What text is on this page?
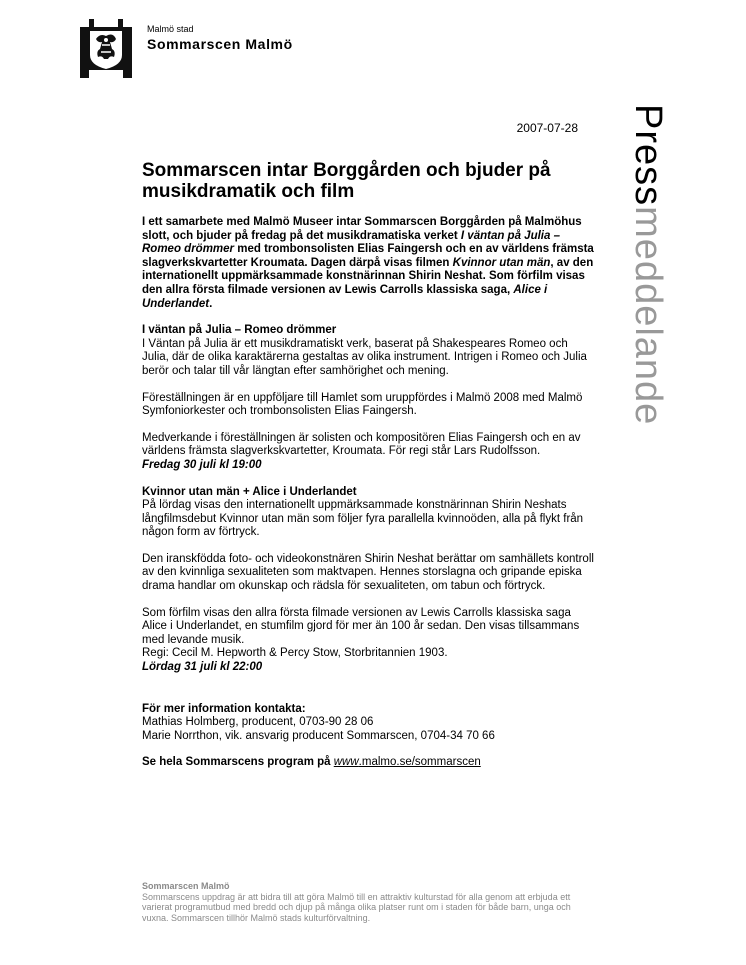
Malmö stad
Sommarscen Malmö
Pressmeddelande
2007-07-28
Sommarscen intar Borggården och bjuder på musikdramatik och film

I ett samarbete med Malmö Museer intar Sommarscen Borggården på Malmöhus slott, och bjuder på fredag på det musikdramatiska verket I väntan på Julia – Romeo drömmer med trombonsolisten Elias Faingersh och en av världens främsta slagverkskvartetter Kroumata. Dagen därpå visas filmen Kvinnor utan män, av den internationellt uppmärksammade konstnärinnan Shirin Neshat. Som förfilm visas den allra första filmade versionen av Lewis Carrolls klassiska saga, Alice i Underlandet.

I väntan på Julia – Romeo drömmer
I Väntan på Julia är ett musikdramatiskt verk, baserat på Shakespeares Romeo och Julia, där de olika karaktärerna gestaltas av olika instrument. Intrigen i Romeo och Julia berör och talar till vår längtan efter samhörighet och mening.

Föreställningen är en uppföljare till Hamlet som uruppfördes i Malmö 2008 med Malmö Symfoniorkester och trombonsolisten Elias Faingersh.

Medverkande i föreställningen är solisten och kompositören Elias Faingersh och en av världens främsta slagverkskvartetter, Kroumata. För regi står Lars Rudolfsson.
Fredag 30 juli kl 19:00

Kvinnor utan män + Alice i Underlandet
På lördag visas den internationellt uppmärksammade konstnärinnan Shirin Neshats långfilmsdebut Kvinnor utan män som följer fyra parallella kvinnoöden, alla på flykt från någon form av förtryck.

Den iranskfödda foto- och videokonstnären Shirin Neshat berättar om samhällets kontroll av den kvinnliga sexualiteten som maktvapen. Hennes storslagna och gripande episka drama handlar om okunskap och rädsla för sexualiteten, om tabun och förtryck.

Som förfilm visas den allra första filmade versionen av Lewis Carrolls klassiska saga Alice i Underlandet, en stumfilm gjord för mer än 100 år sedan. Den visas tillsammans med levande musik.
Regi: Cecil M. Hepworth & Percy Stow, Storbritannien 1903.
Lördag 31 juli kl 22:00

För mer information kontakta:
Mathias Holmberg, producent, 0703-90 28 06
Marie Norrthon, vik. ansvarig producent Sommarscen, 0704-34 70 66

Se hela Sommarscens program på www.malmo.se/sommarscen

Sommarscen Malmö
Sommarscens uppdrag är att bidra till att göra Malmö till en attraktiv kulturstad för alla genom att erbjuda ett varierat programutbud med bredd och djup på många olika platser runt om i staden för både barn, unga och vuxna. Sommarscen tillhör Malmö stads kulturförvaltning.
